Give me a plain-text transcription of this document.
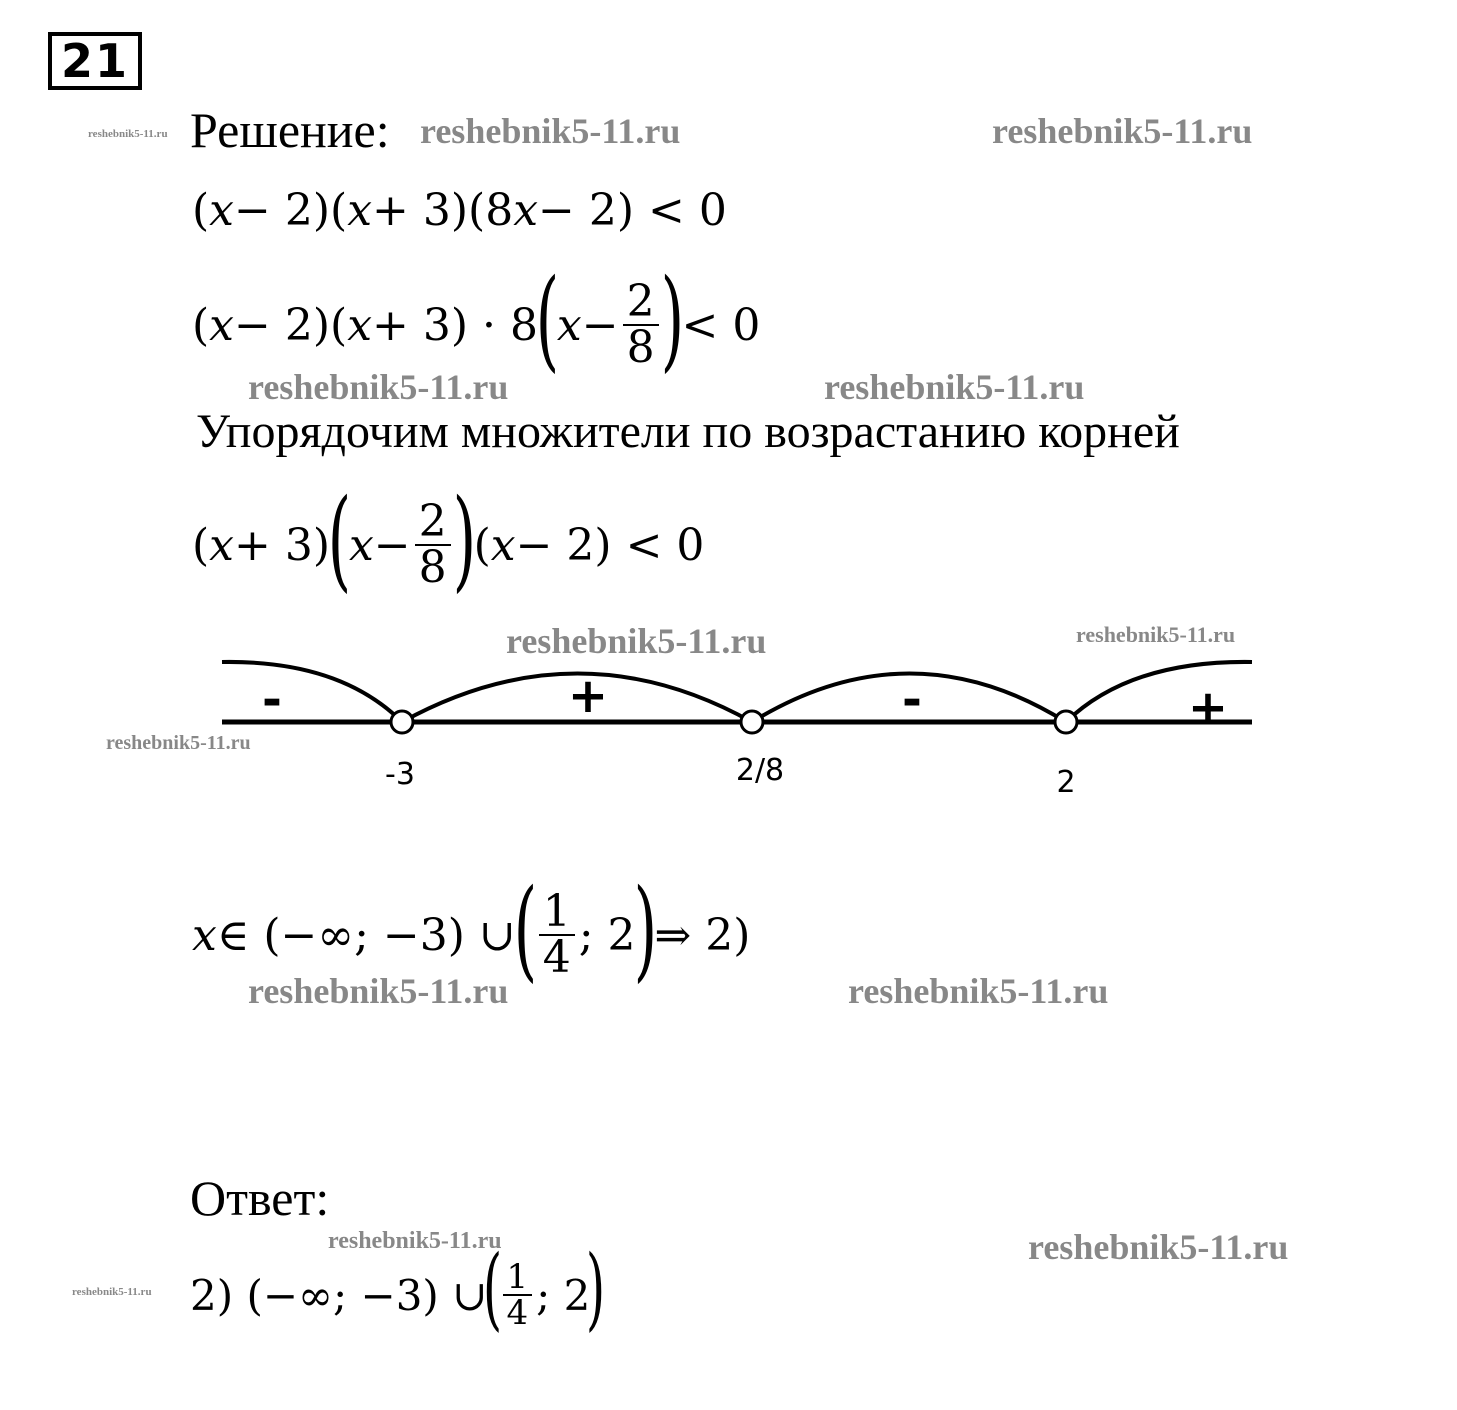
21
reshebnik5-11.ru Решение: reshebnik5-11.ru	reshebnik5-11.ru
( x − 2)( x + 3)(8 x − 2) < 0
( x − 2)( x + 3) · 8
(
$x - \frac{2}{8}$ )
< 0
reshebnik5-11.ru	reshebnik5-11.ru
Упорядочим множители по возрастанию корней
( x + 3)
(
$x - \frac{2}{8}$ )
( x − 2) < 0
reshebnik5-11.ru	reshebnik5-11.ru
reshebnik5-11.ru
-	+	-	+
-3	2/8	2
x ∈ (−∞; −3) ∪
( $\frac{1}{4}$ ; 2
)
⇒ 2)
reshebnik5-11.ru	reshebnik5-11.ru
Ответ:
reshebnik5-11.ru	reshebnik5-11.ru
reshebnik5-11.ru 2) (−∞; −3) ∪
( $\frac{1}{4}$ ; 2
)
